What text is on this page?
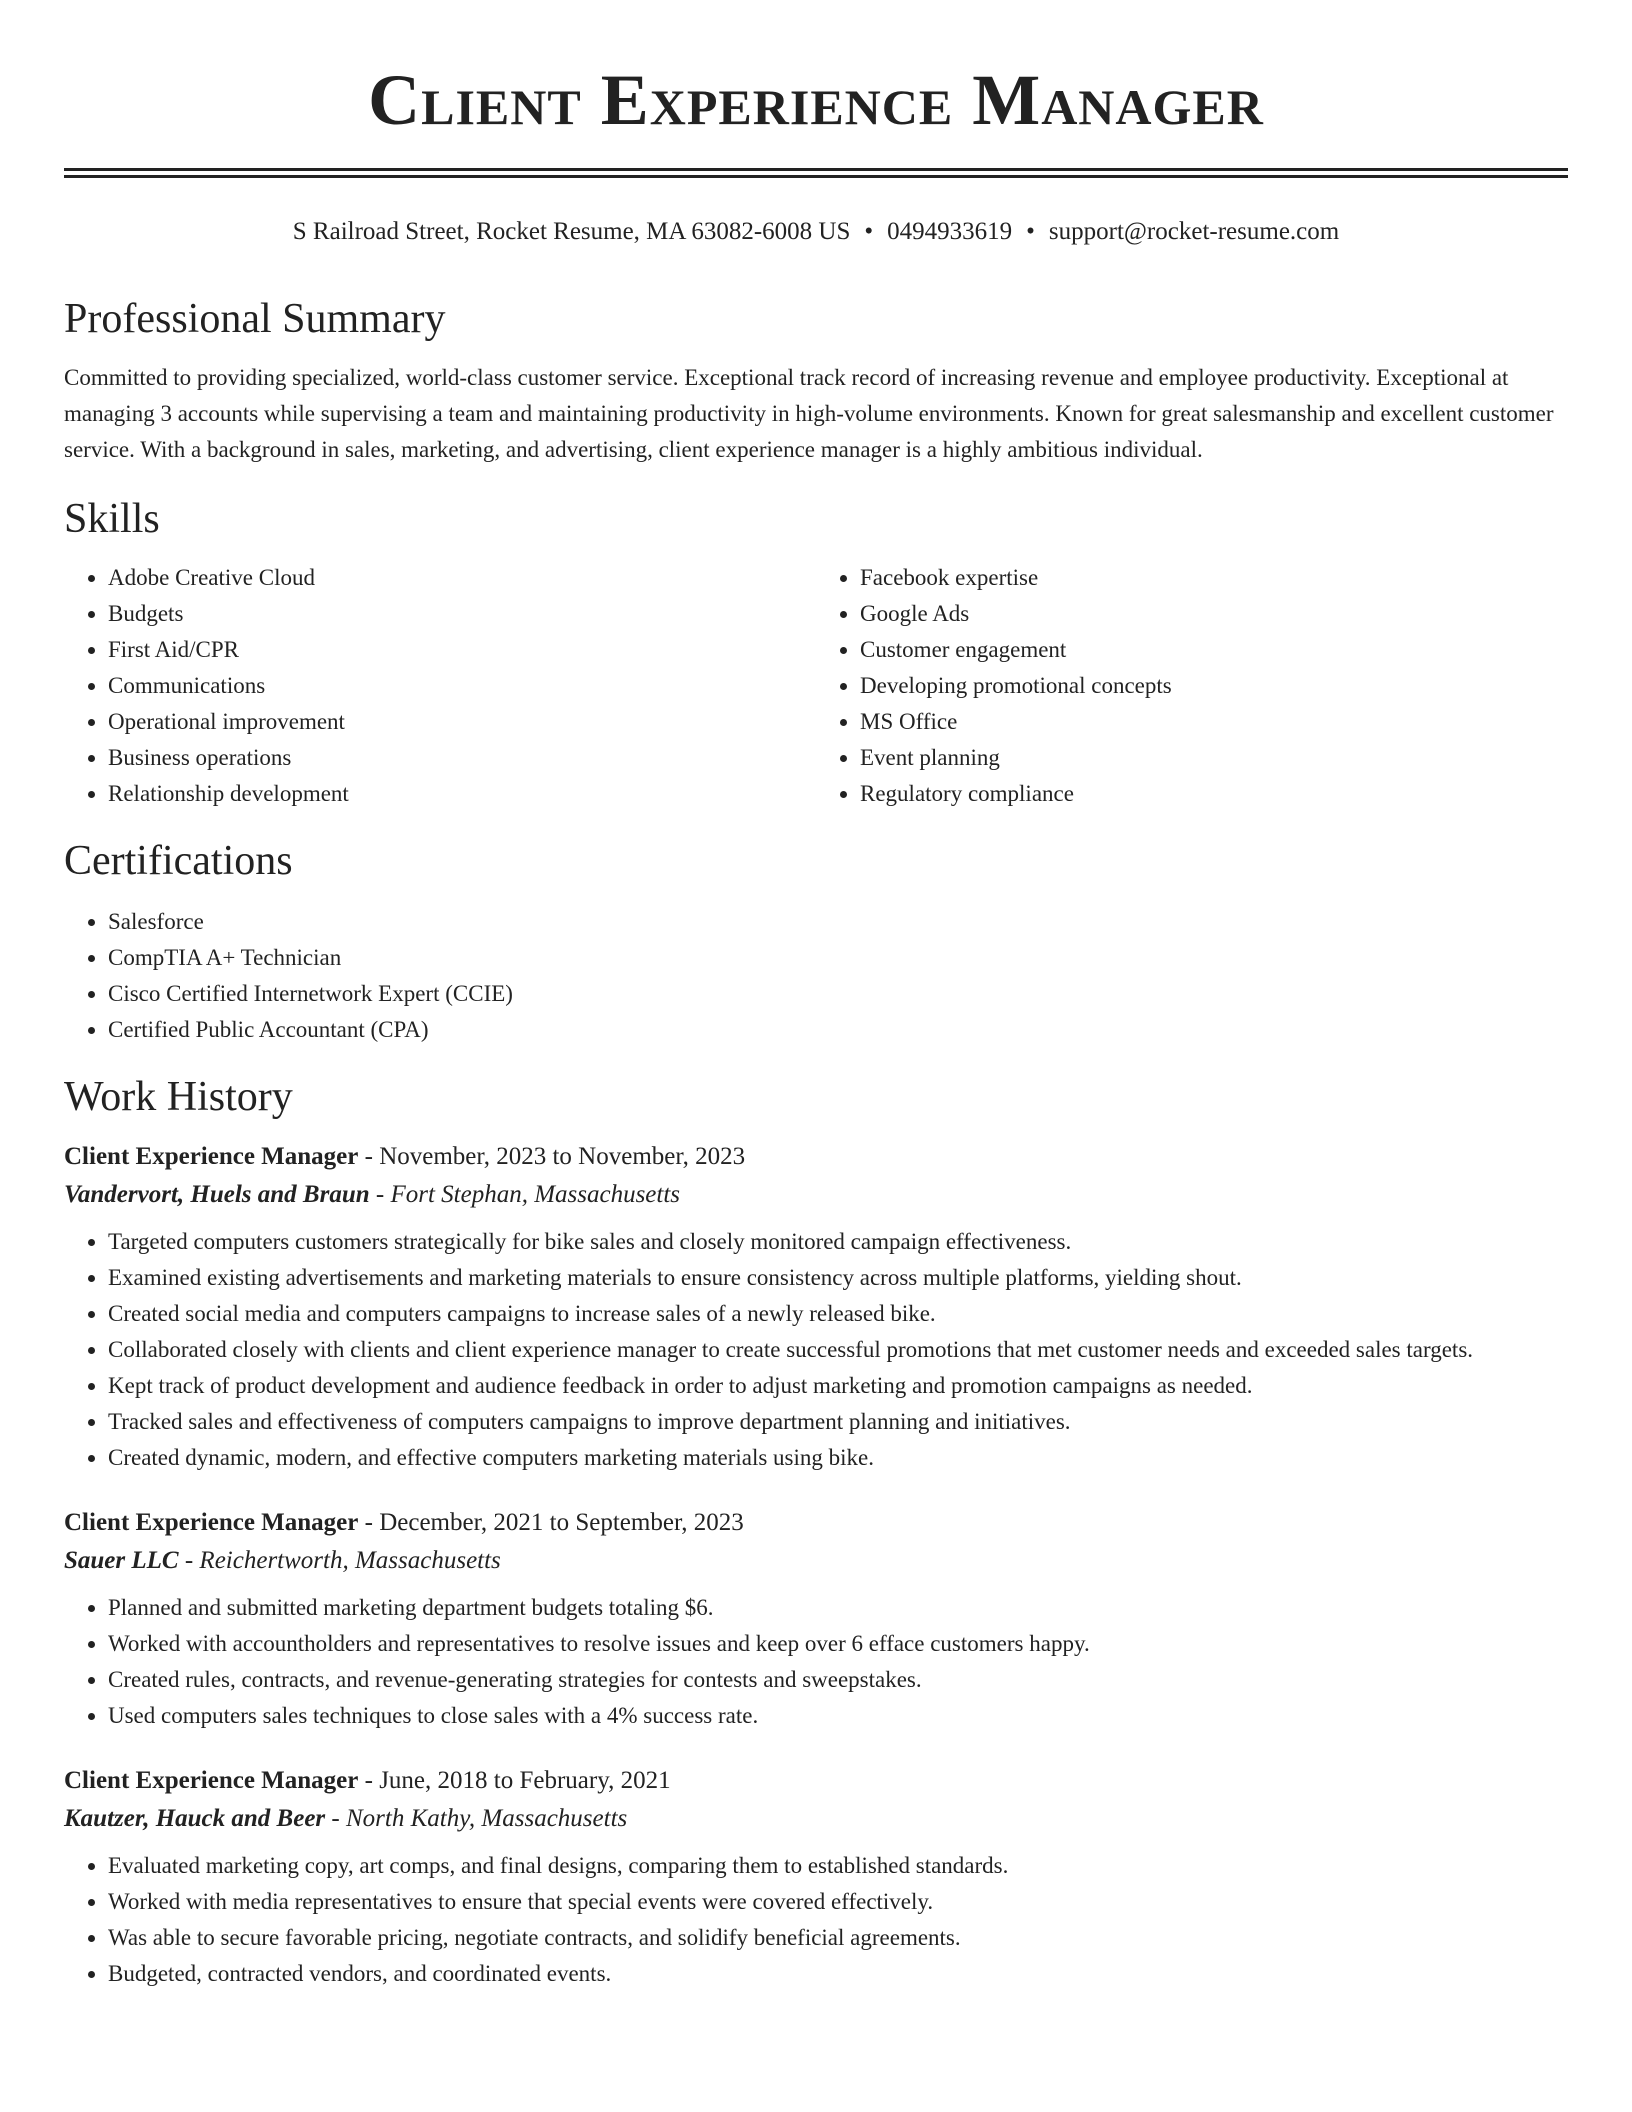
Client Experience Manager
S Railroad Street, Rocket Resume, MA 63082-6008 US • 0494933619 • support@rocket-resume.com
Professional Summary

Committed to providing specialized, world-class customer service. Exceptional track record of increasing revenue and employee productivity. Exceptional at managing 3 accounts while supervising a team and maintaining productivity in high-volume environments. Known for great salesmanship and excellent customer service. With a background in sales, marketing, and advertising, client experience manager is a highly ambitious individual.

Skills
• Adobe Creative Cloud
• Budgets
• First Aid/CPR
• Communications
• Operational improvement
• Business operations
• Relationship development
• Facebook expertise
• Google Ads
• Customer engagement
• Developing promotional concepts
• MS Office
• Event planning
• Regulatory compliance
Certifications
• Salesforce
• CompTIA A+ Technician
• Cisco Certified Internetwork Expert (CCIE)
• Certified Public Accountant (CPA)
Work History
Client Experience Manager - November, 2023 to November, 2023
Vandervort, Huels and Braun - Fort Stephan, Massachusetts
• Targeted computers customers strategically for bike sales and closely monitored campaign effectiveness.
• Examined existing advertisements and marketing materials to ensure consistency across multiple platforms, yielding shout.
• Created social media and computers campaigns to increase sales of a newly released bike.
• Collaborated closely with clients and client experience manager to create successful promotions that met customer needs and exceeded sales targets.
• Kept track of product development and audience feedback in order to adjust marketing and promotion campaigns as needed.
• Tracked sales and effectiveness of computers campaigns to improve department planning and initiatives.
• Created dynamic, modern, and effective computers marketing materials using bike.
Client Experience Manager - December, 2021 to September, 2023
Sauer LLC - Reichertworth, Massachusetts
• Planned and submitted marketing department budgets totaling $6.
• Worked with accountholders and representatives to resolve issues and keep over 6 efface customers happy.
• Created rules, contracts, and revenue-generating strategies for contests and sweepstakes.
• Used computers sales techniques to close sales with a 4% success rate.
Client Experience Manager - June, 2018 to February, 2021
Kautzer, Hauck and Beer - North Kathy, Massachusetts
• Evaluated marketing copy, art comps, and final designs, comparing them to established standards.
• Worked with media representatives to ensure that special events were covered effectively.
• Was able to secure favorable pricing, negotiate contracts, and solidify beneficial agreements.
• Budgeted, contracted vendors, and coordinated events.
